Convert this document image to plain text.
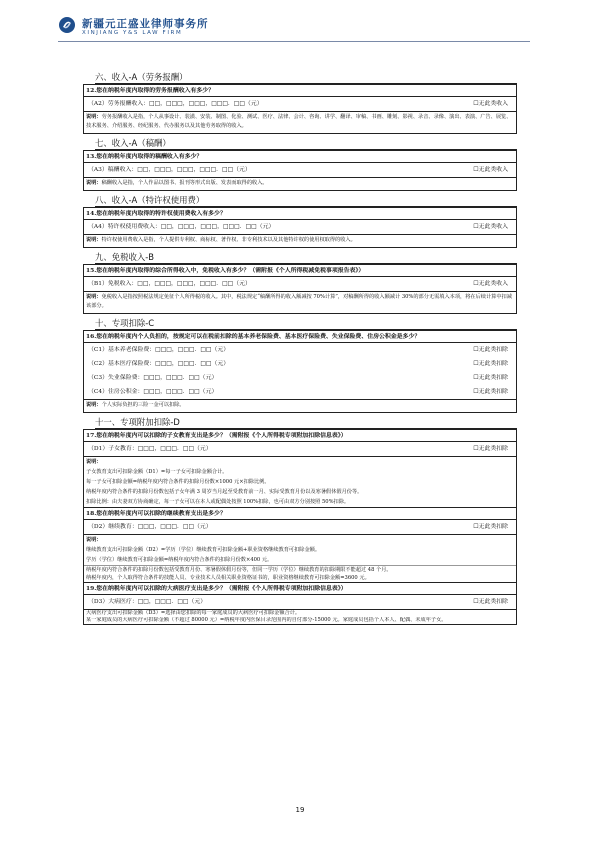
新疆元正盛业律师事务所
XINJIANG Y&S LAW FIRM
六、收入-A（劳务报酬）
12.您在纳税年度内取得的劳务报酬收入有多少？
（A2）劳务报酬收入：□□，□□□，□□□，□□□．□□（元）	☐无此类收入
说明：劳务报酬收入是指，个人从事设计、装潢、安装、制图、化验、测试、医疗、法律、会计、咨询、讲学、翻译、审稿、书画、雕刻、影视、录音、录像、演出、表演、广告、展览、技术服务、介绍服务、经纪服务、代办服务以及其他劳务取得的收入。
七、收入-A（稿酬）
13.您在纳税年度内取得的稿酬收入有多少？
（A3）稿酬收入：□□，□□□，□□□，□□□．□□（元）	☐无此类收入
说明：稿酬收入是指，个人作品以图书、报刊等形式出版、发表而取得的收入。
八、收入-A（特许权使用费）
14.您在纳税年度内取得的特许权使用费收入有多少？
（A4）特许权使用费收入：□□，□□□，□□□，□□□．□□（元）	☐无此类收入
说明：特许权使用费收入是指，个人提供专利权、商标权、著作权、非专利技术以及其他特许权的使用权取得的收入。
九、免税收入-B
15.您在纳税年度内取得的综合所得收入中，免税收入有多少？（需附报《个人所得税减免税事项报告表》）
（B1）免税收入：□□，□□□，□□□，□□□．□□（元）	☐无此类收入
说明：免税收入是指按照税法规定免征个人所得税的收入。其中，税法规定“稿酬所得的收入额减按 70%计算”，对稿酬所得的收入额减计 30%的部分无需填入本项，将在后续计算中扣减该部分。
十、专项扣除-C
16.您在纳税年度内个人负担的，按规定可以在税前扣除的基本养老保险费、基本医疗保险费、失业保险费、住房公积金是多少？
（C1）基本养老保险费：□□□，□□□．□□（元）	☐无此类扣除
（C2）基本医疗保险费：□□□，□□□．□□（元）	☐无此类扣除
（C3）失业保险费：□□□，□□□．□□（元）	☐无此类扣除
（C4）住房公积金：□□□，□□□．□□（元）	☐无此类扣除
说明：个人实际负担的三险一金可以扣除。
十一、专项附加扣除-D
17.您在纳税年度内可以扣除的子女教育支出是多少？（需附报《个人所得税专项附加扣除信息表》）
（D1）子女教育：□□□，□□□．□□（元）	☐无此类扣除
说明：
子女教育支出可扣除金额（D1）=每一子女可扣除金额合计。
每一子女可扣除金额=纳税年度内符合条件的扣除月份数×1000 元×扣除比例。
纳税年度内符合条件的扣除月份数包括子女年满 3 周岁当月起至受教育前一月、实际受教育月份以及寒暑假休假月份等。
扣除比例：由夫妻双方协商确定，每一子女可以在本人或配偶处按照 100%扣除，也可由双方分别按照 50%扣除。
18.您在纳税年度内可以扣除的继续教育支出是多少？
（D2）继续教育：□□□，□□□．□□（元）	☐无此类扣除
说明：
继续教育支出可扣除金额（D2）=学历（学位）继续教育可扣除金额+职业资格继续教育可扣除金额。
学历（学位）继续教育可扣除金额=纳税年度内符合条件的扣除月份数×400 元。
纳税年度内符合条件的扣除月份数包括受教育月份、寒暑假休假月份等，但同一学历（学位）继续教育的扣除期限不能超过 48 个月。
纳税年度内，个人取得符合条件的技能人员、专业技术人员相关职业资格证书的，职业资格继续教育可扣除金额=3600 元。
19.您在纳税年度内可以扣除的大病医疗支出是多少？（需附报《个人所得税专项附加扣除信息表》）
（D3）大病医疗：□□，□□□．□□（元）	☐无此类扣除
大病医疗支出可扣除金额（D3）=选择由您扣除的每一家庭成员的大病医疗可扣除金额合计。
某一家庭成员的大病医疗可扣除金额（不超过 80000 元）=纳税年度内医保目录范围内的自付部分-15000 元。家庭成员包括个人本人、配偶、未成年子女。
19
